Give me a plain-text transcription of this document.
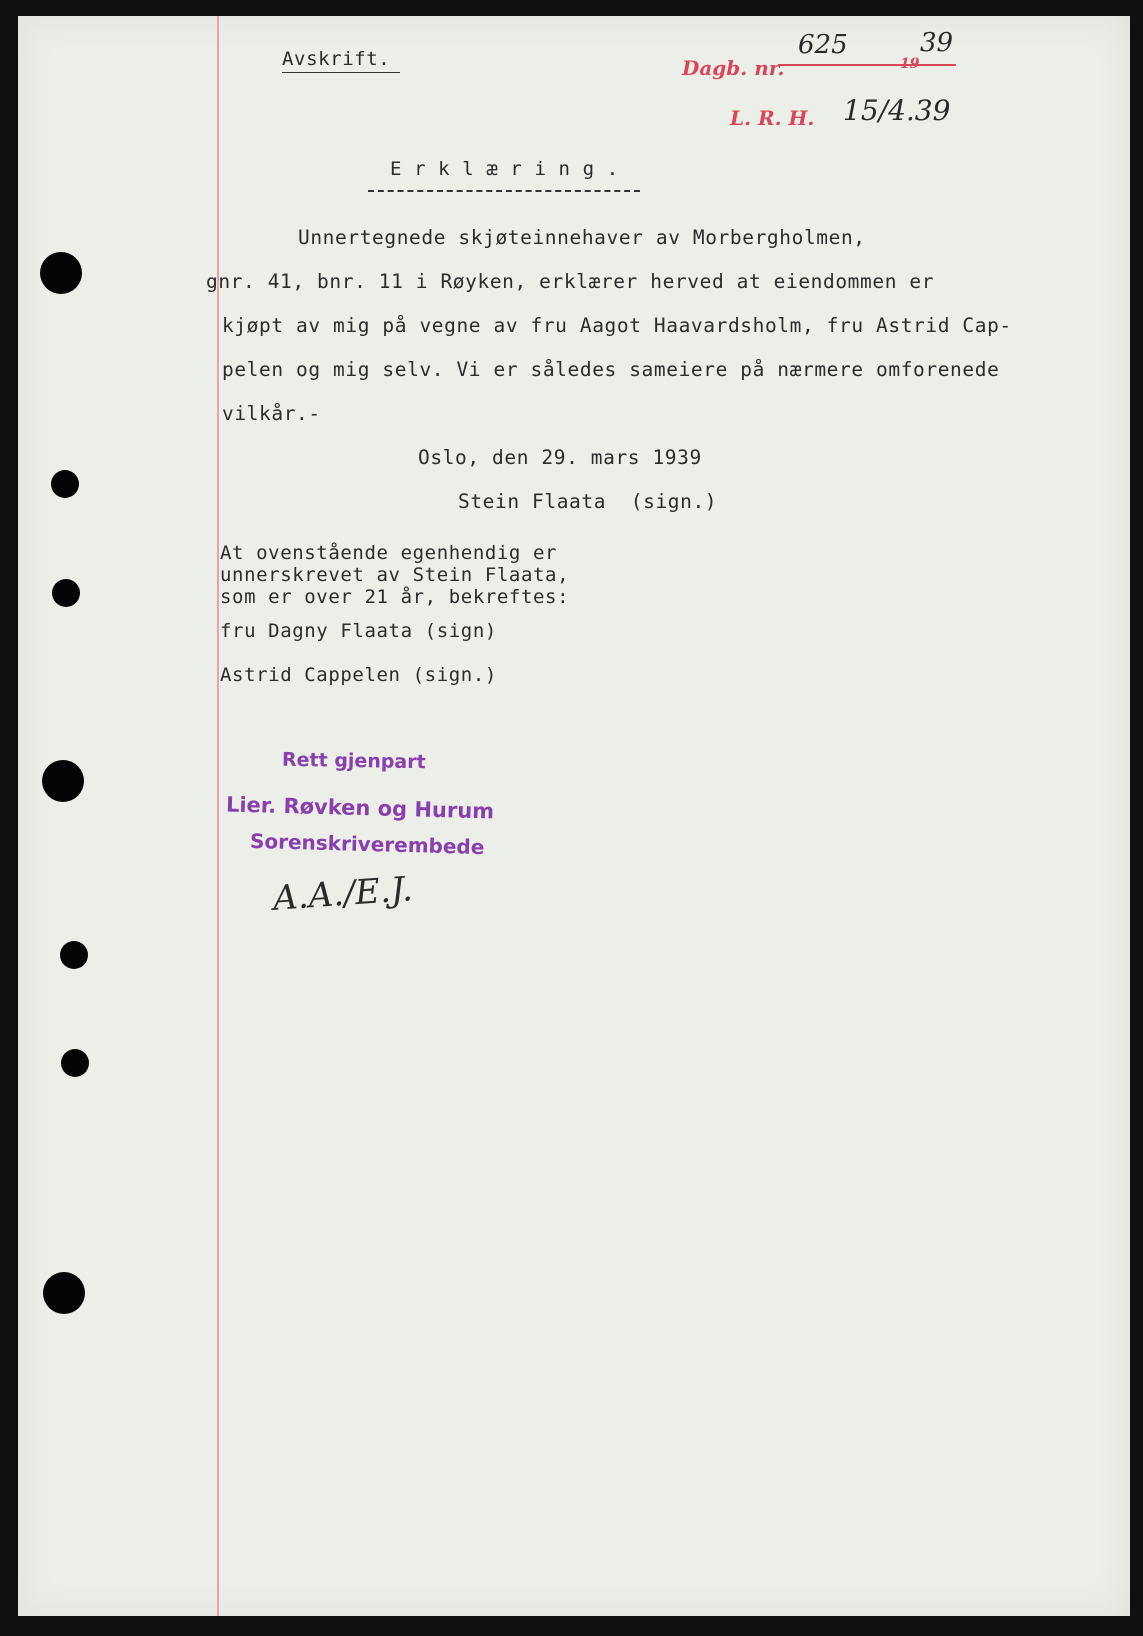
Avskrift.	Dagb. nr.
625
19
39
L. R. H. 15/4.39
E r k l æ r i n g .
Unnertegnede skjøteinnehaver av Morbergholmen,
gnr. 41, bnr. 11 i Røyken, erklærer herved at eiendommen er
kjøpt av mig på vegne av fru Aagot Haavardsholm, fru Astrid Cap-
pelen og mig selv. Vi er således sameiere på nærmere omforenede
vilkår.-
Oslo, den 29. mars 1939
Stein Flaata  (sign.)
At ovenstående egenhendig er
unnerskrevet av Stein Flaata,
som er over 21 år, bekreftes:
fru Dagny Flaata (sign)
Astrid Cappelen (sign.)
Rett gjenpart
Lier. Røvken og Hurum
Sorenskriverembede
A.A./E.J.
